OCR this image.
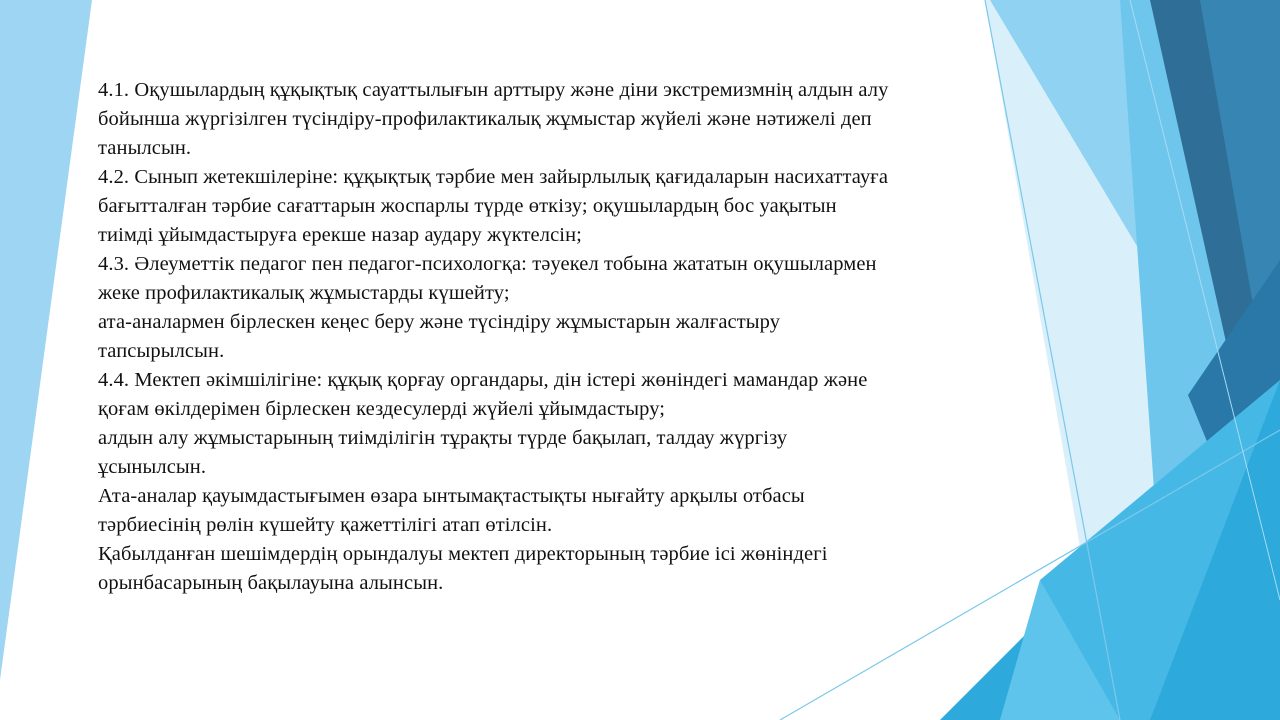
4.1. Оқушылардың құқықтық сауаттылығын арттыру және діни экстремизмнің алдын алу
бойынша жүргізілген түсіндіру-профилактикалық жұмыстар жүйелі және нәтижелі деп
танылсын.
4.2. Сынып жетекшілеріне: құқықтық тәрбие мен зайырлылық қағидаларын насихаттауға
бағытталған тәрбие сағаттарын жоспарлы түрде өткізу; оқушылардың бос уақытын
тиімді ұйымдастыруға ерекше назар аудару жүктелсін;
4.3. Әлеуметтік педагог пен педагог-психологқа: тәуекел тобына жататын оқушылармен
жеке профилактикалық жұмыстарды күшейту;
ата-аналармен бірлескен кеңес беру және түсіндіру жұмыстарын жалғастыру
тапсырылсын.
4.4. Мектеп әкімшілігіне: құқық қорғау органдары, дін істері жөніндегі мамандар және
қоғам өкілдерімен бірлескен кездесулерді жүйелі ұйымдастыру;
алдын алу жұмыстарының тиімділігін тұрақты түрде бақылап, талдау жүргізу
ұсынылсын.
Ата-аналар қауымдастығымен өзара ынтымақтастықты нығайту арқылы отбасы
тәрбиесінің рөлін күшейту қажеттілігі атап өтілсін.
Қабылданған шешімдердің орындалуы мектеп директорының тәрбие ісі жөніндегі
орынбасарының бақылауына алынсын.
